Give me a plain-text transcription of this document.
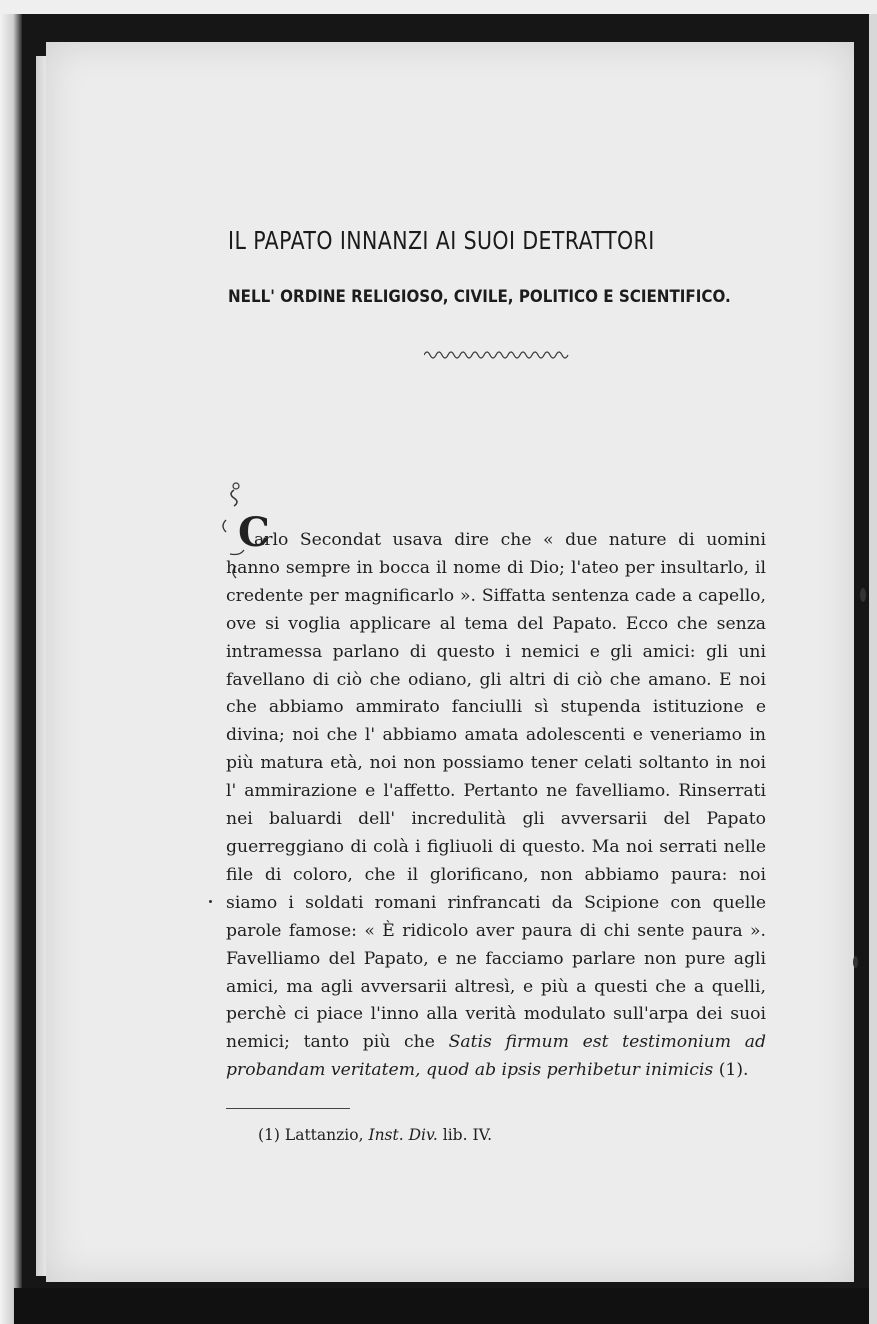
IL PAPATO INNANZI AI SUOI DETRATTORI
NELL' ORDINE RELIGIOSO, CIVILE, POLITICO E SCIENTIFICO.
C

arlo Secondat usava dire che « due nature di uomini hanno sempre in bocca il nome di Dio; l'ateo per insultarlo, il credente per magnificarlo ». Siffatta sentenza cade a capello, ove si voglia applicare al tema del Papato. Ecco che senza intramessa parlano di questo i nemici e gli amici: gli uni favellano di ciò che odiano, gli altri di ciò che amano. E noi che abbiamo ammirato fanciulli sì stupenda istituzione e divina; noi che l' abbiamo amata adolescenti e veneriamo in più matura età, noi non possiamo tener celati soltanto in noi l' ammirazione e l'affetto. Pertanto ne favelliamo. Rinserrati nei baluardi dell' incredulità gli avversarii del Papato guerreggiano di colà i figliuoli di questo. Ma noi serrati nelle file di coloro, che il glorificano, non abbiamo paura: noi siamo i soldati romani rinfrancati da Scipione con quelle parole famose: « È ridicolo aver paura di chi sente paura ». Favelliamo del Papato, e ne facciamo parlare non pure agli amici, ma agli avversarii altresì, e più a questi che a quelli, perchè ci piace l'inno alla verità modulato sull'arpa dei suoi nemici; tanto più che Satis firmum est testimonium ad probandam veritatem, quod ab ipsis perhibetur inimicis (1).

(1) Lattanzio, Inst. Div. lib. IV.
